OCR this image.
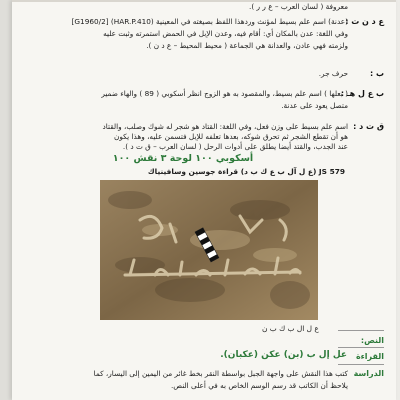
معروفة ( لسان العرب – ع ر ر ).
ع د ن ت :
(عدنة) اسم علم بسيط لمؤنث وردهذا اللفظ بصيغته في المعينية (HAR.P.410) [G1960/2]
وفي اللغة: عدن بالمكان أي: أقام فيه، وعدن الإبل في الحمض استمرته وثبت عليه
ولزمته فهي عادن، والعدانة هي الجماعة ( محيط المحيط – ع د ن ).
ب :
حرف جر.
ب ع ل هـ :
( بعلها ) اسم علم بسيط، والمقصود به هو الزوج انظر أسكوبي ( 89 ) والهاء ضمير
متصل يعود على عدنة.
ق ت د :
اسم علم بسيط على وزن فعل، وفي اللغة: القتاد هو شجر له شوك وصلب، والقتاد
هو أن تقطع الشجر ثم تحرق شوكه، بعدها تعلفه للإبل فتسمن عليه، وهذا يكون
عند الجدب، والقتد أيضا يطلق على أدوات الرحل ( لسان العرب – ق ت د ).
أسكوبي ١٠٠ لوحة ٣ نقش ١٠٠
JS 579 (ع ل آل ب ع ك ب د) قراءة جوسين وسافينياك
ع ل ال ب ك ب ن
النص:
القراءة
عل إل ب (بن) عكن (عكبان).
الدراسة
كتب هذا النقش على واجهة الجبل بواسطة النقر بخط غائر من اليمين إلى اليسار، كما
يلاحظ أن الكاتب قد رسم الوسم الخاص به في أعلى النص.
